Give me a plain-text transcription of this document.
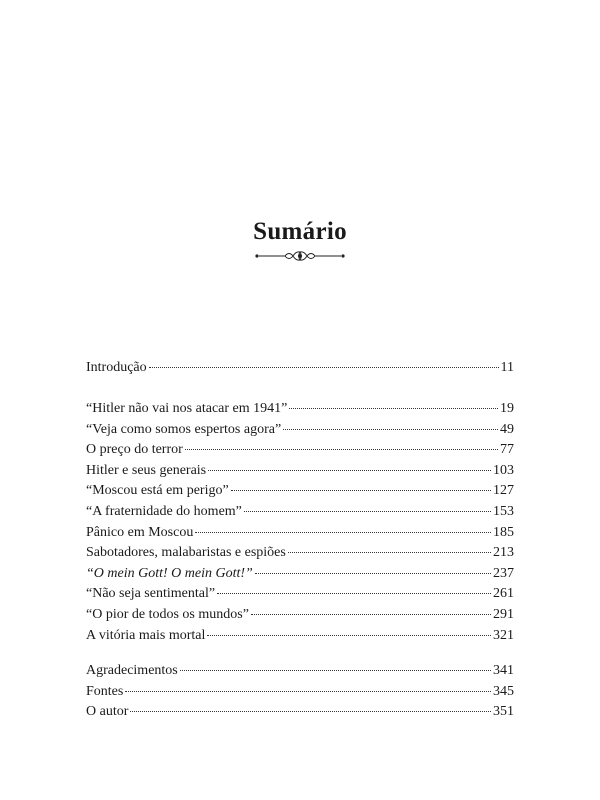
Sumário
Introdução	11
“Hitler não vai nos atacar em 1941”	19
“Veja como somos espertos agora”	49
O preço do terror	77
Hitler e seus generais	103
“Moscou está em perigo”	127
“A fraternidade do homem”	153
Pânico em Moscou	185
Sabotadores, malabaristas e espiões	213
“O mein Gott! O mein Gott!”	237
“Não seja sentimental”	261
“O pior de todos os mundos”	291
A vitória mais mortal	321
Agradecimentos	341
Fontes	345
O autor	351
